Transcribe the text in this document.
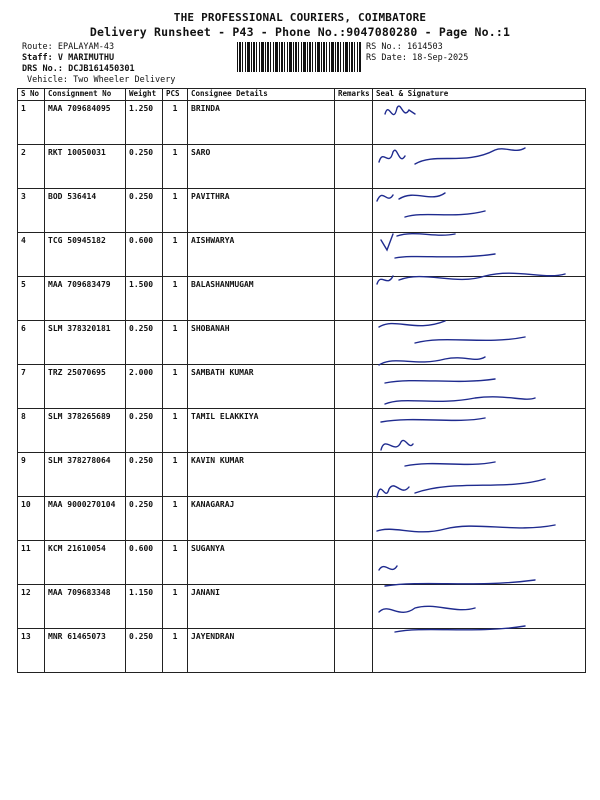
THE PROFESSIONAL COURIERS, COIMBATORE
Delivery Runsheet - P43 - Phone No.:9047080280 - Page No.:1
Route: EPALAYAM-43
Staff: V MARIMUTHU
DRS No.: DCJB161450301
Vehicle: Two Wheeler Delivery
RS No.: 1614503
RS Date: 18-Sep-2025
S No	Consignment No	Weight	PCS	Consignee Details	Remarks	Seal & Signature
1	MAA 709684095	1.250	1	BRINDA		
2	RKT 10050031	0.250	1	SARO		
3	BOD 536414	0.250	1	PAVITHRA		
4	TCG 50945182	0.600	1	AISHWARYA		
5	MAA 709683479	1.500	1	BALASHANMUGAM		
6	SLM 378320181	0.250	1	SHOBANAH		
7	TRZ 25070695	2.000	1	SAMBATH KUMAR		
8	SLM 378265689	0.250	1	TAMIL ELAKKIYA		
9	SLM 378278064	0.250	1	KAVIN KUMAR		
10	MAA 9000270104	0.250	1	KANAGARAJ		
11	KCM 21610054	0.600	1	SUGANYA		
12	MAA 709683348	1.150	1	JANANI		
13	MNR 61465073	0.250	1	JAYENDRAN		
